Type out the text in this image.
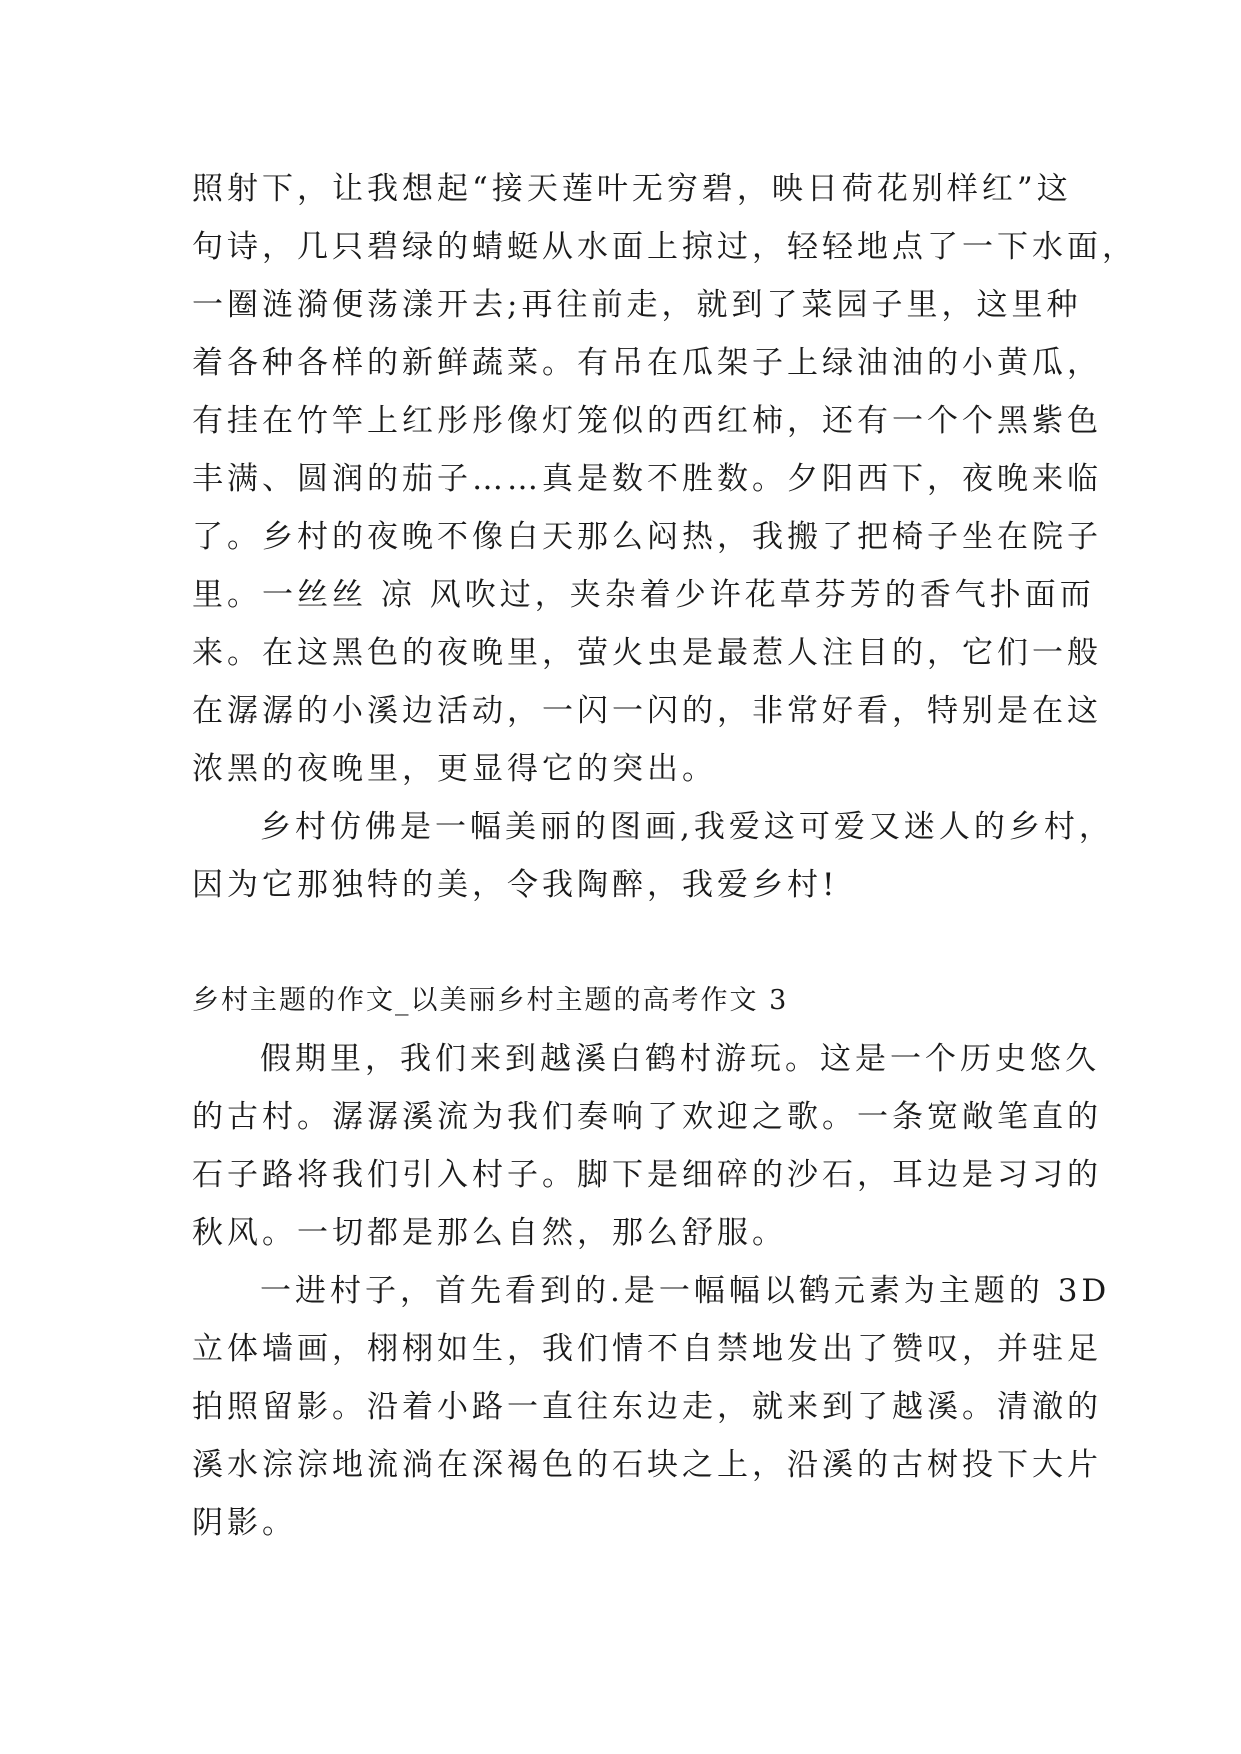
照射下，让我想起“接天莲叶无穷碧，映日荷花别样红”这
句诗，几只碧绿的蜻蜓从水面上掠过，轻轻地点了一下水面，
一圈涟漪便荡漾开去;再往前走，就到了菜园子里，这里种
着各种各样的新鲜蔬菜。有吊在瓜架子上绿油油的小黄瓜，
有挂在竹竿上红彤彤像灯笼似的西红柿，还有一个个黑紫色
丰满、圆润的茄子……真是数不胜数。夕阳西下，夜晚来临
了。乡村的夜晚不像白天那么闷热，我搬了把椅子坐在院子
里。一丝丝 凉 风吹过，夹杂着少许花草芬芳的香气扑面而
来。在这黑色的夜晚里，萤火虫是最惹人注目的，它们一般
在潺潺的小溪边活动，一闪一闪的，非常好看，特别是在这
浓黑的夜晚里，更显得它的突出。
乡村仿佛是一幅美丽的图画,我爱这可爱又迷人的乡村，
因为它那独特的美，令我陶醉，我爱乡村!
乡村主题的作文_以美丽乡村主题的高考作文 3
假期里，我们来到越溪白鹤村游玩。这是一个历史悠久
的古村。潺潺溪流为我们奏响了欢迎之歌。一条宽敞笔直的
石子路将我们引入村子。脚下是细碎的沙石，耳边是习习的
秋风。一切都是那么自然，那么舒服。
一进村子，首先看到的.是一幅幅以鹤元素为主题的 3D
立体墙画，栩栩如生，我们情不自禁地发出了赞叹，并驻足
拍照留影。沿着小路一直往东边走，就来到了越溪。清澈的
溪水淙淙地流淌在深褐色的石块之上，沿溪的古树投下大片
阴影。
